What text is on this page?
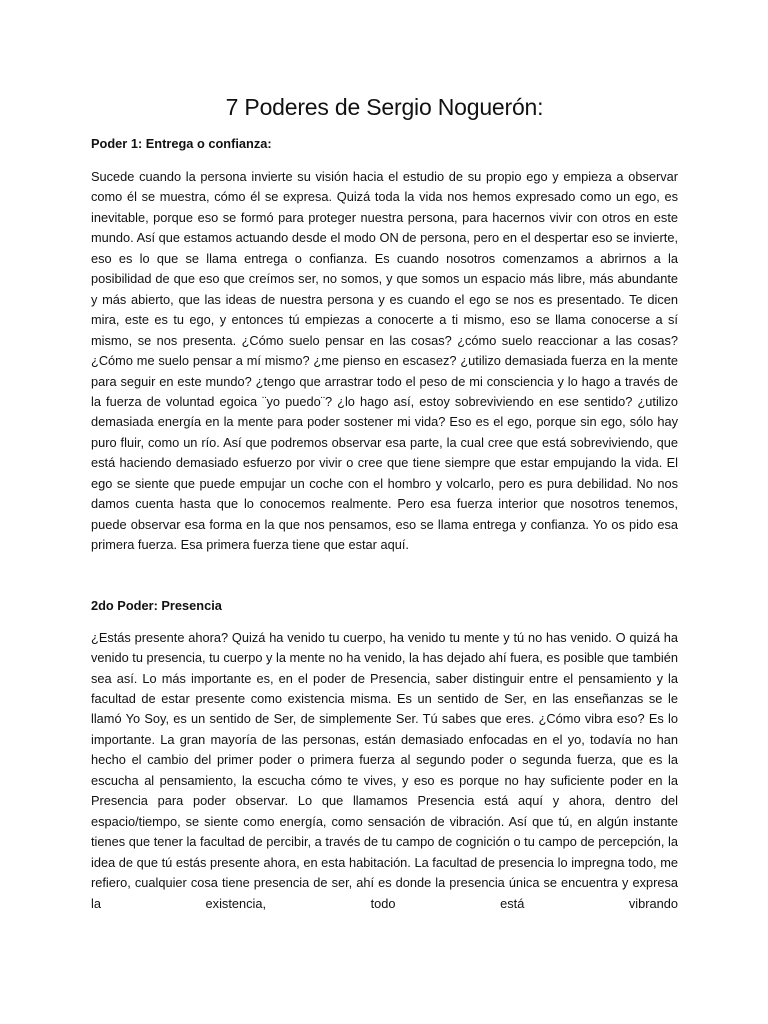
7 Poderes de Sergio Noguerón:
Poder 1: Entrega o confianza:

Sucede cuando la persona invierte su visión hacia el estudio de su propio ego y empieza a observar como él se muestra, cómo él se expresa. Quizá toda la vida nos hemos expresado como un ego, es inevitable, porque eso se formó para proteger nuestra persona, para hacernos vivir con otros en este mundo. Así que estamos actuando desde el modo ON de persona, pero en el despertar eso se invierte, eso es lo que se llama entrega o confianza. Es cuando nosotros comenzamos a abrirnos a la posibilidad de que eso que creímos ser, no somos, y que somos un espacio más libre, más abundante y más abierto, que las ideas de nuestra persona y es cuando el ego se nos es presentado. Te dicen mira, este es tu ego, y entonces tú empiezas a conocerte a ti mismo, eso se llama conocerse a sí mismo, se nos presenta. ¿Cómo suelo pensar en las cosas? ¿cómo suelo reaccionar a las cosas? ¿Cómo me suelo pensar a mí mismo? ¿me pienso en escasez? ¿utilizo demasiada fuerza en la mente para seguir en este mundo? ¿tengo que arrastrar todo el peso de mi consciencia y lo hago a través de la fuerza de voluntad egoica ¨yo puedo¨? ¿lo hago así, estoy sobreviviendo en ese sentido? ¿utilizo demasiada energía en la mente para poder sostener mi vida? Eso es el ego, porque sin ego, sólo hay puro fluir, como un río. Así que podremos observar esa parte, la cual cree que está sobreviviendo, que está haciendo demasiado esfuerzo por vivir o cree que tiene siempre que estar empujando la vida. El ego se siente que puede empujar un coche con el hombro y volcarlo, pero es pura debilidad. No nos damos cuenta hasta que lo conocemos realmente. Pero esa fuerza interior que nosotros tenemos, puede observar esa forma en la que nos pensamos, eso se llama entrega y confianza. Yo os pido esa primera fuerza. Esa primera fuerza tiene que estar aquí.

2do Poder: Presencia

¿Estás presente ahora? Quizá ha venido tu cuerpo, ha venido tu mente y tú no has venido. O quizá ha venido tu presencia, tu cuerpo y la mente no ha venido, la has dejado ahí fuera, es posible que también sea así. Lo más importante es, en el poder de Presencia, saber distinguir entre el pensamiento y la facultad de estar presente como existencia misma. Es un sentido de Ser, en las enseñanzas se le llamó Yo Soy, es un sentido de Ser, de simplemente Ser. Tú sabes que eres. ¿Cómo vibra eso? Es lo importante. La gran mayoría de las personas, están demasiado enfocadas en el yo, todavía no han hecho el cambio del primer poder o primera fuerza al segundo poder o segunda fuerza, que es la escucha al pensamiento, la escucha cómo te vives, y eso es porque no hay suficiente poder en la Presencia para poder observar. Lo que llamamos Presencia está aquí y ahora, dentro del espacio/tiempo, se siente como energía, como sensación de vibración. Así que tú, en algún instante tienes que tener la facultad de percibir, a través de tu campo de cognición o tu campo de percepción, la idea de que tú estás presente ahora, en esta habitación. La facultad de presencia lo impregna todo, me refiero, cualquier cosa tiene presencia de ser, ahí es donde la presencia única se encuentra y expresa la existencia, todo está vibrando
